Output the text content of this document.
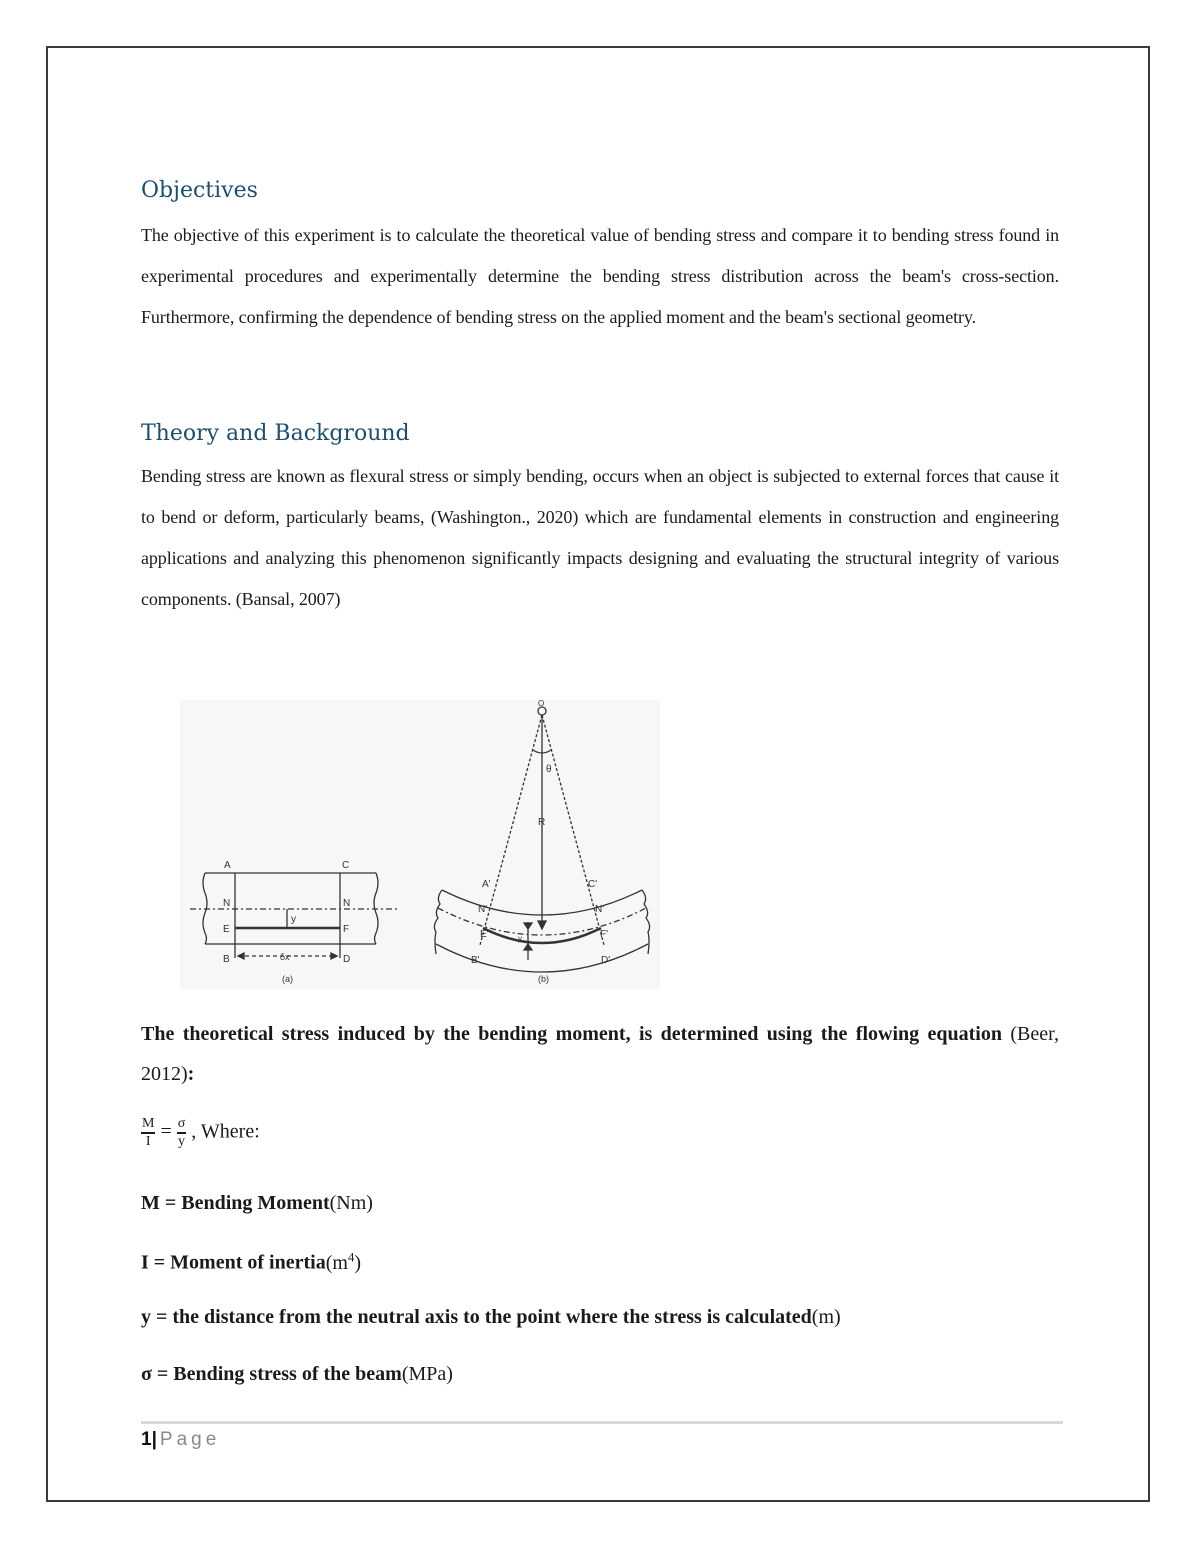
Objectives
The objective of this experiment is to calculate the theoretical value of bending stress and compare it to bending stress found in experimental procedures and experimentally determine the bending stress distribution across the beam's cross-section. Furthermore, confirming the dependence of bending stress on the applied moment and the beam's sectional geometry.
Theory and Background
Bending stress are known as flexural stress or simply bending, occurs when an object is subjected to external forces that cause it to bend or deform, particularly beams, (Washington., 2020) which are fundamental elements in construction and engineering applications and analyzing this phenomenon significantly impacts designing and evaluating the structural integrity of various components. (Bansal, 2007)
The theoretical stress induced by the bending moment, is determined using the flowing equation (Beer, 2012):
$\frac{M}{I} = \frac{\sigma}{y}$ , Where:
M = Bending Moment(Nm)
I = Moment of $inertia(m^4)$
y = the distance from the neutral axis to the point where the stress is calculated(m)
σ = Bending stress of the beam(MPa)
A	C
N	N
E	F
B	D
y
δx
(a)
O
θ
R
A'	C'
N'	N'
E'	F'
B'	D'
y
(b)
1| Page
